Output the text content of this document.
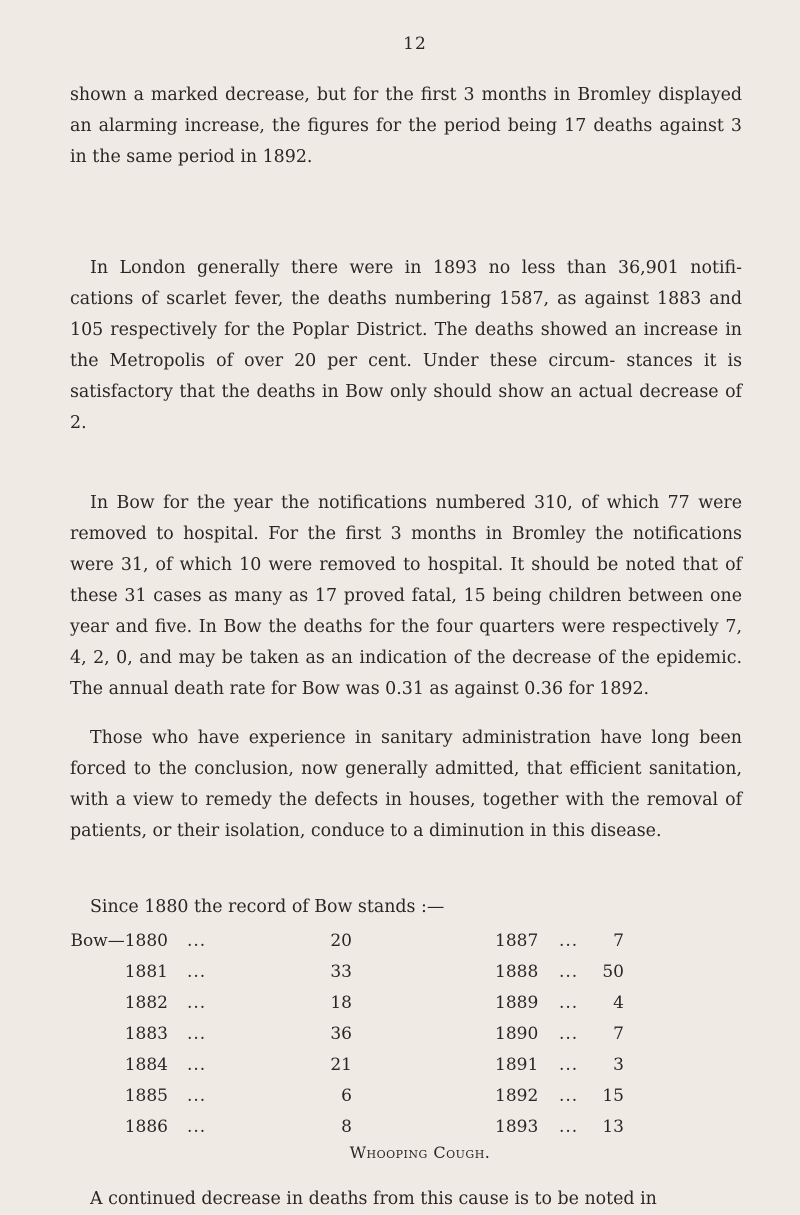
12

shown a marked decrease, but for the first 3 months in Bromley displayed an alarming increase, the figures for the period being 17 deaths against 3 in the same period in 1892.

In London generally there were in 1893 no less than 36,901 notifi- cations of scarlet fever, the deaths numbering 1587, as against 1883 and 105 respectively for the Poplar District. The deaths showed an increase in the Metropolis of over 20 per cent. Under these circum- stances it is satisfactory that the deaths in Bow only should show an actual decrease of 2.

In Bow for the year the notifications numbered 310, of which 77 were removed to hospital. For the first 3 months in Bromley the notifications were 31, of which 10 were removed to hospital. It should be noted that of these 31 cases as many as 17 proved fatal, 15 being children between one year and five. In Bow the deaths for the four quarters were respectively 7, 4, 2, 0, and may be taken as an indication of the decrease of the epidemic. The annual death rate for Bow was 0.31 as against 0.36 for 1892.

Those who have experience in sanitary administration have long been forced to the conclusion, now generally admitted, that efficient sanitation, with a view to remedy the defects in houses, together with the removal of patients, or their isolation, conduce to a diminution in this disease.

Since 1880 the record of Bow stands :—
Bow—1880 ...	20	1887 ... 7
1881 ...	33	1888 ... 50
1882 ...	18	1889 ... 4
1883 ...	36	1890 ... 7
1884 ...	21	1891 ... 3
1885 ...	6	1892 ... 15
1886 ...	8	1893 ... 13
Whooping Cough.

A continued decrease in deaths from this cause is to be noted in
